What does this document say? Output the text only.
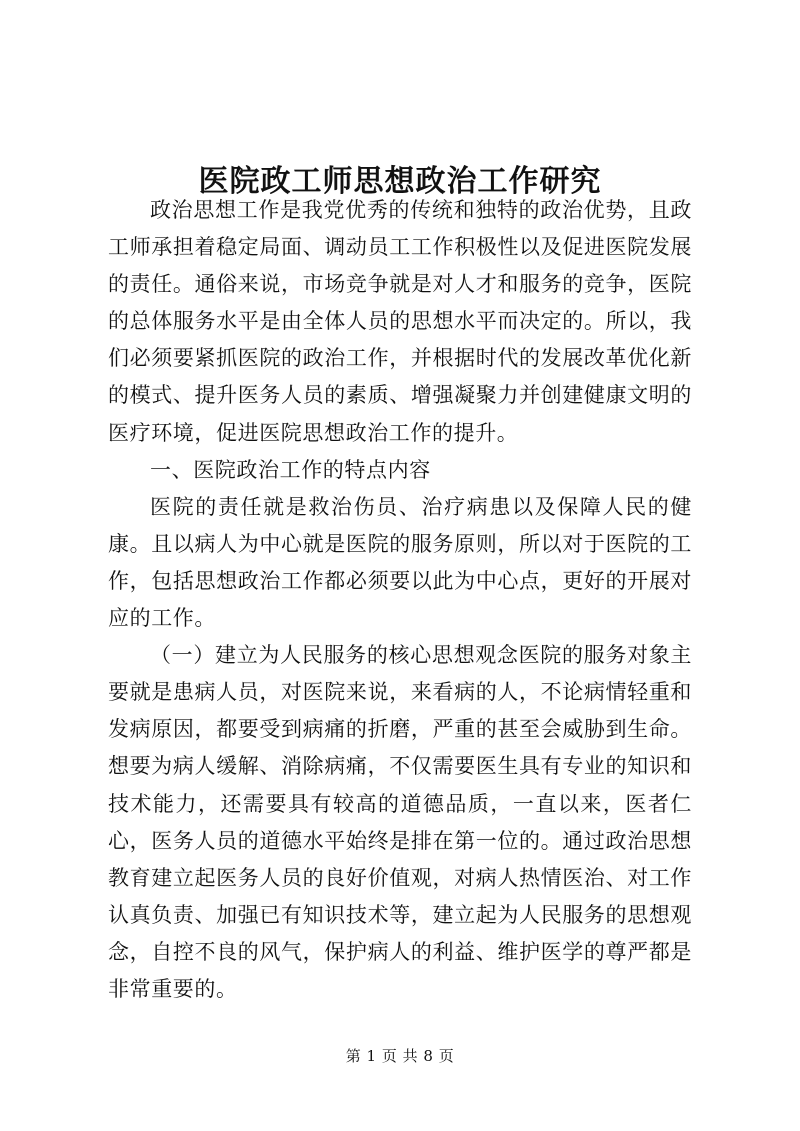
医院政工师思想政治工作研究

政治思想工作是我党优秀的传统和独特的政治优势，且政工师承担着稳定局面、调动员工工作积极性以及促进医院发展的责任。通俗来说，市场竞争就是对人才和服务的竞争，医院的总体服务水平是由全体人员的思想水平而决定的。所以，我们必须要紧抓医院的政治工作，并根据时代的发展改革优化新的模式、提升医务人员的素质、增强凝聚力并创建健康文明的医疗环境，促进医院思想政治工作的提升。

一、医院政治工作的特点内容

医院的责任就是救治伤员、治疗病患以及保障人民的健康。且以病人为中心就是医院的服务原则，所以对于医院的工作，包括思想政治工作都必须要以此为中心点，更好的开展对应的工作。

（一）建立为人民服务的核心思想观念医院的服务对象主要就是患病人员，对医院来说，来看病的人，不论病情轻重和发病原因，都要受到病痛的折磨，严重的甚至会威胁到生命。想要为病人缓解、消除病痛，不仅需要医生具有专业的知识和技术能力，还需要具有较高的道德品质，一直以来，医者仁心，医务人员的道德水平始终是排在第一位的。通过政治思想教育建立起医务人员的良好价值观，对病人热情医治、对工作认真负责、加强已有知识技术等，建立起为人民服务的思想观念，自控不良的风气，保护病人的利益、维护医学的尊严都是非常重要的。

第 1 页 共 8 页
